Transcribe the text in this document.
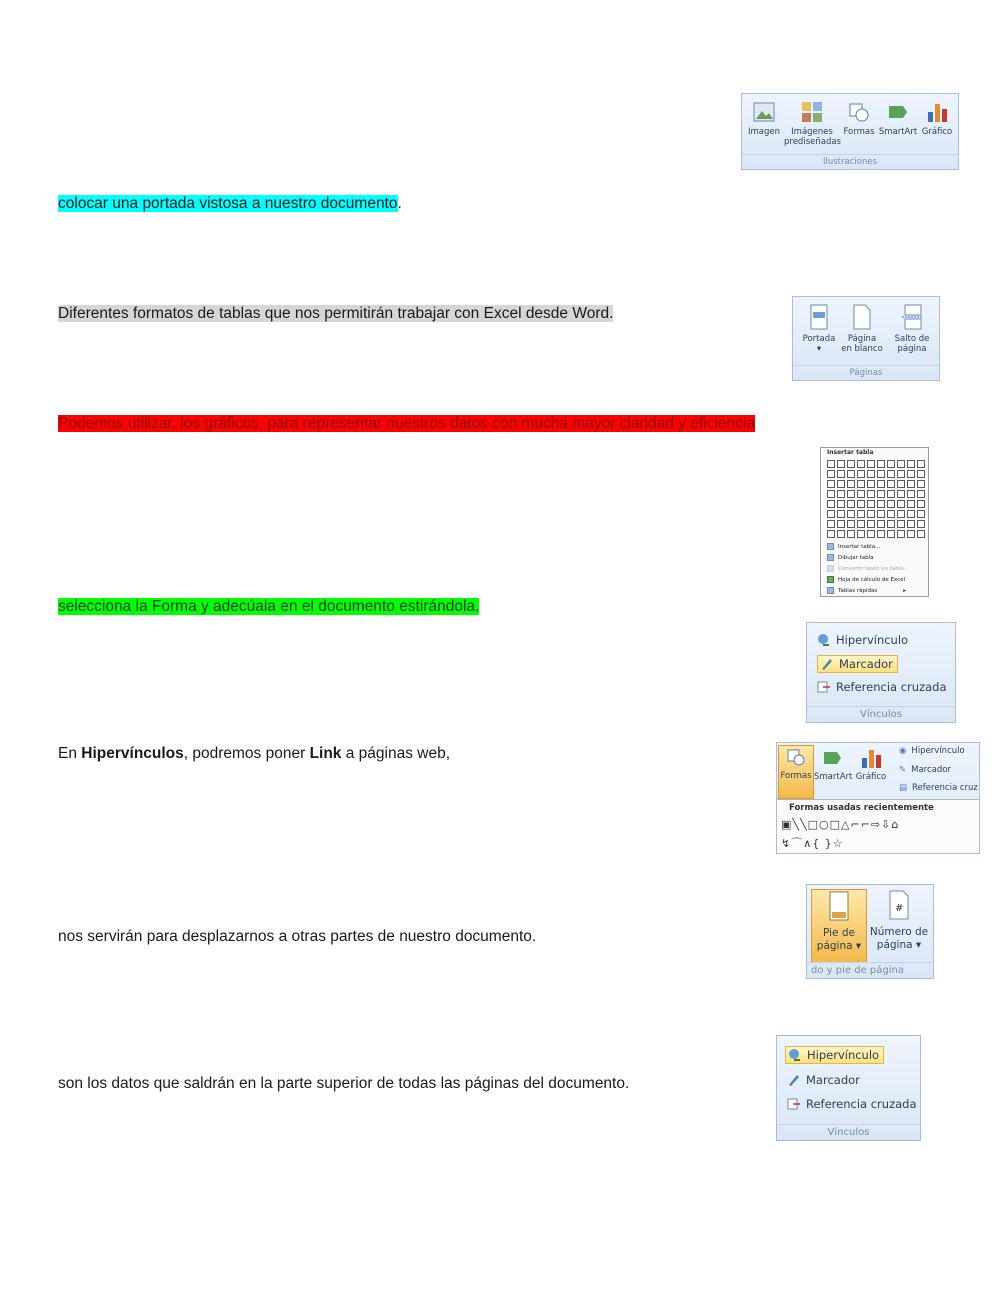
colocar una portada vistosa a nuestro documento.
Diferentes formatos de tablas que nos permitirán trabajar con Excel desde Word.
Podemos utilizar, los gráficos, para representar nuestros datos con mucha mayor claridad y eficiencia
selecciona la Forma y adecúala en el documento estirándola.
En Hipervínculos, podremos poner Link a páginas web,
nos servirán para desplazarnos a otras partes de nuestro documento.
son los datos que saldrán en la parte superior de todas las páginas del documento.
Imagen	Imágenes
prediseñadas
Formas SmartArt Gráfico
Ilustraciones
Portada
▾
Página
en blanco
Salto de
página
Páginas
Insertar tabla
Insertar tabla...
Dibujar tabla
Convertir texto en tabla...
Hoja de cálculo de Excel
Tablas rápidas	▸
Hipervínculo
Marcador
Referencia cruzada
Vínculos
Formas SmartArt Gráfico
◉ Hipervínculo
✎ Marcador
▤ Referencia cruz
Formas usadas recientemente
▣╲╲□○□△⌐⌐⇨⇩⌂
↯⌒∧{ }☆
Pie de
página ▾
#
Número de
página ▾
do y pie de página
Hipervínculo
Marcador
Referencia cruzada
Vínculos
